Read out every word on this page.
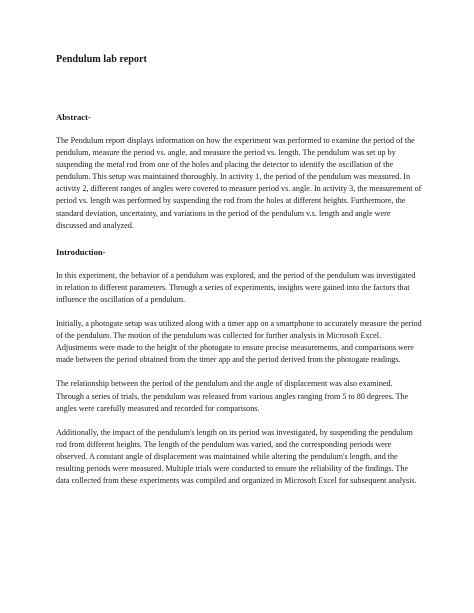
Pendulum lab report
Abstract-

The Pendulum report displays information on how the experiment was performed to examine the period of the pendulum, measure the period vs. angle, and measure the period vs. length. The pendulum was set up by suspending the metal rod from one of the holes and placing the detector to identify the oscillation of the pendulum. This setup was maintained thoroughly. In activity 1, the period of the pendulum was measured. In activity 2, different ranges of angles were covered to measure period vs. angle. In activity 3, the measurement of period vs. length was performed by suspending the rod from the holes at different heights. Furthermore, the standard deviation, uncertainty, and variations in the period of the pendulum v.s. length and angle were discussed and analyzed.

Introduction-

In this experiment, the behavior of a pendulum was explored, and the period of the pendulum was investigated in relation to different parameters. Through a series of experiments, insights were gained into the factors that influence the oscillation of a pendulum.

Initially, a photogate setup was utilized along with a timer app on a smartphone to accurately measure the period of the pendulum. The motion of the pendulum was collected for further analysis in Microsoft Excel. Adjustments were made to the height of the photogate to ensure precise measurements, and comparisons were made between the period obtained from the timer app and the period derived from the photogate readings.

The relationship between the period of the pendulum and the angle of displacement was also examined. Through a series of trials, the pendulum was released from various angles ranging from 5 to 80 degrees. The angles were carefully measured and recorded for comparisons.

Additionally, the impact of the pendulum's length on its period was investigated, by suspending the pendulum rod from different heights. The length of the pendulum was varied, and the corresponding periods were observed. A constant angle of displacement was maintained while altering the pendulum's length, and the resulting periods were measured. Multiple trials were conducted to ensure the reliability of the findings. The data collected from these experiments was compiled and organized in Microsoft Excel for subsequent analysis.
